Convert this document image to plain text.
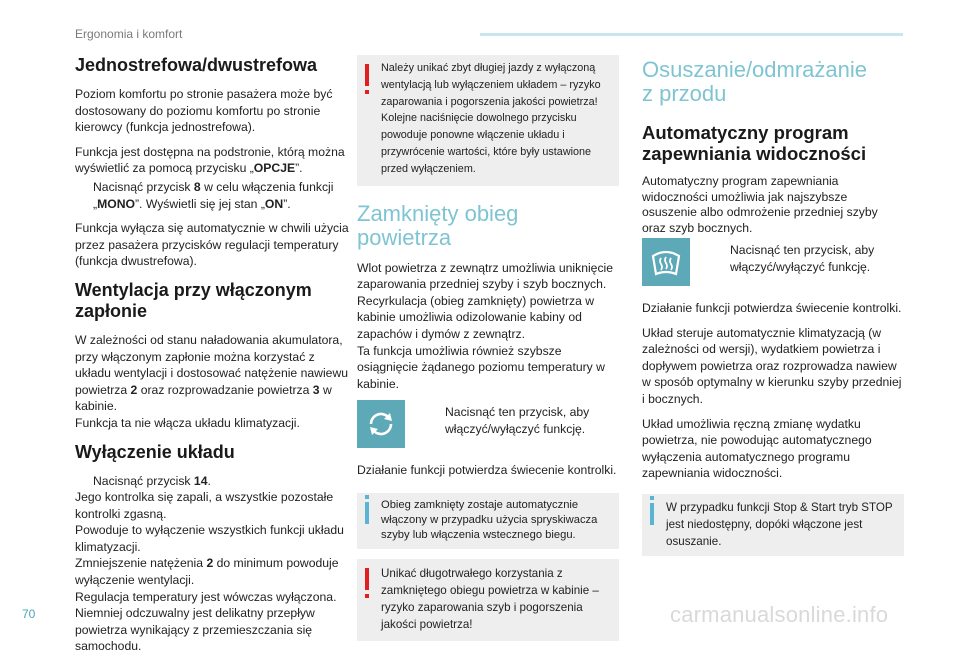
Ergonomia i komfort
Jednostrefowa/dwustrefowa

Poziom komfortu po stronie pasażera może być dostosowany do poziomu komfortu po stronie kierowcy (funkcja jednostrefowa).

Funkcja jest dostępna na podstronie, którą można wyświetlić za pomocą przycisku „OPCJE”.

Nacisnąć przycisk 8 w celu włączenia funkcji „MONO”. Wyświetli się jej stan „ON”.

Funkcja wyłącza się automatycznie w chwili użycia przez pasażera przycisków regulacji temperatury (funkcja dwustrefowa).

Wentylacja przy włączonym zapłonie

W zależności od stanu naładowania akumulatora, przy włączonym zapłonie można korzystać z układu wentylacji i dostosować natężenie nawiewu powietrza 2 oraz rozprowadzanie powietrza 3 w kabinie.

Funkcja ta nie włącza układu klimatyzacji.

Wyłączenie układu
Nacisnąć przycisk 14.

Jego kontrolka się zapali, a wszystkie pozostałe kontrolki zgasną.

Powoduje to wyłączenie wszystkich funkcji układu klimatyzacji.

Zmniejszenie natężenia 2 do minimum powoduje wyłączenie wentylacji.

Regulacja temperatury jest wówczas wyłączona. Niemniej odczuwalny jest delikatny przepływ powietrza wynikający z przemieszczania się samochodu.

Należy unikać zbyt długiej jazdy z wyłączoną wentylacją lub wyłączeniem układem – ryzyko zaparowania i pogorszenia jakości powietrza! Kolejne naciśnięcie dowolnego przycisku powoduje ponowne włączenie układu i przywrócenie wartości, które były ustawione przed wyłączeniem.
Zamknięty obieg powietrza

Wlot powietrza z zewnątrz umożliwia uniknięcie zaparowania przedniej szyby i szyb bocznych.

Recyrkulacja (obieg zamknięty) powietrza w kabinie umożliwia odizolowanie kabiny od zapachów i dymów z zewnątrz.

Ta funkcja umożliwia również szybsze osiągnięcie żądanego poziomu temperatury w kabinie.

Nacisnąć ten przycisk, aby włączyć/wyłączyć funkcję.

Działanie funkcji potwierdza świecenie kontrolki.

Obieg zamknięty zostaje automatycznie włączony w przypadku użycia spryskiwacza szyby lub włączenia wstecznego biegu.
Unikać długotrwałego korzystania z zamkniętego obiegu powietrza w kabinie – ryzyko zaparowania szyb i pogorszenia jakości powietrza!
Osuszanie/odmrażanie
z przodu
Automatyczny program zapewniania widoczności

Automatyczny program zapewniania widoczności umożliwia jak najszybsze osuszenie albo odmrożenie przedniej szyby oraz szyb bocznych.

Nacisnąć ten przycisk, aby włączyć/wyłączyć funkcję.

Działanie funkcji potwierdza świecenie kontrolki.

Układ steruje automatycznie klimatyzacją (w zależności od wersji), wydatkiem powietrza i dopływem powietrza oraz rozprowadza nawiew w sposób optymalny w kierunku szyby przedniej i bocznych.

Układ umożliwia ręczną zmianę wydatku powietrza, nie powodując automatycznego wyłączenia automatycznego programu zapewniania widoczności.

W przypadku funkcji Stop & Start tryb STOP jest niedostępny, dopóki włączone jest osuszanie.
70	carmanualsonline.info
